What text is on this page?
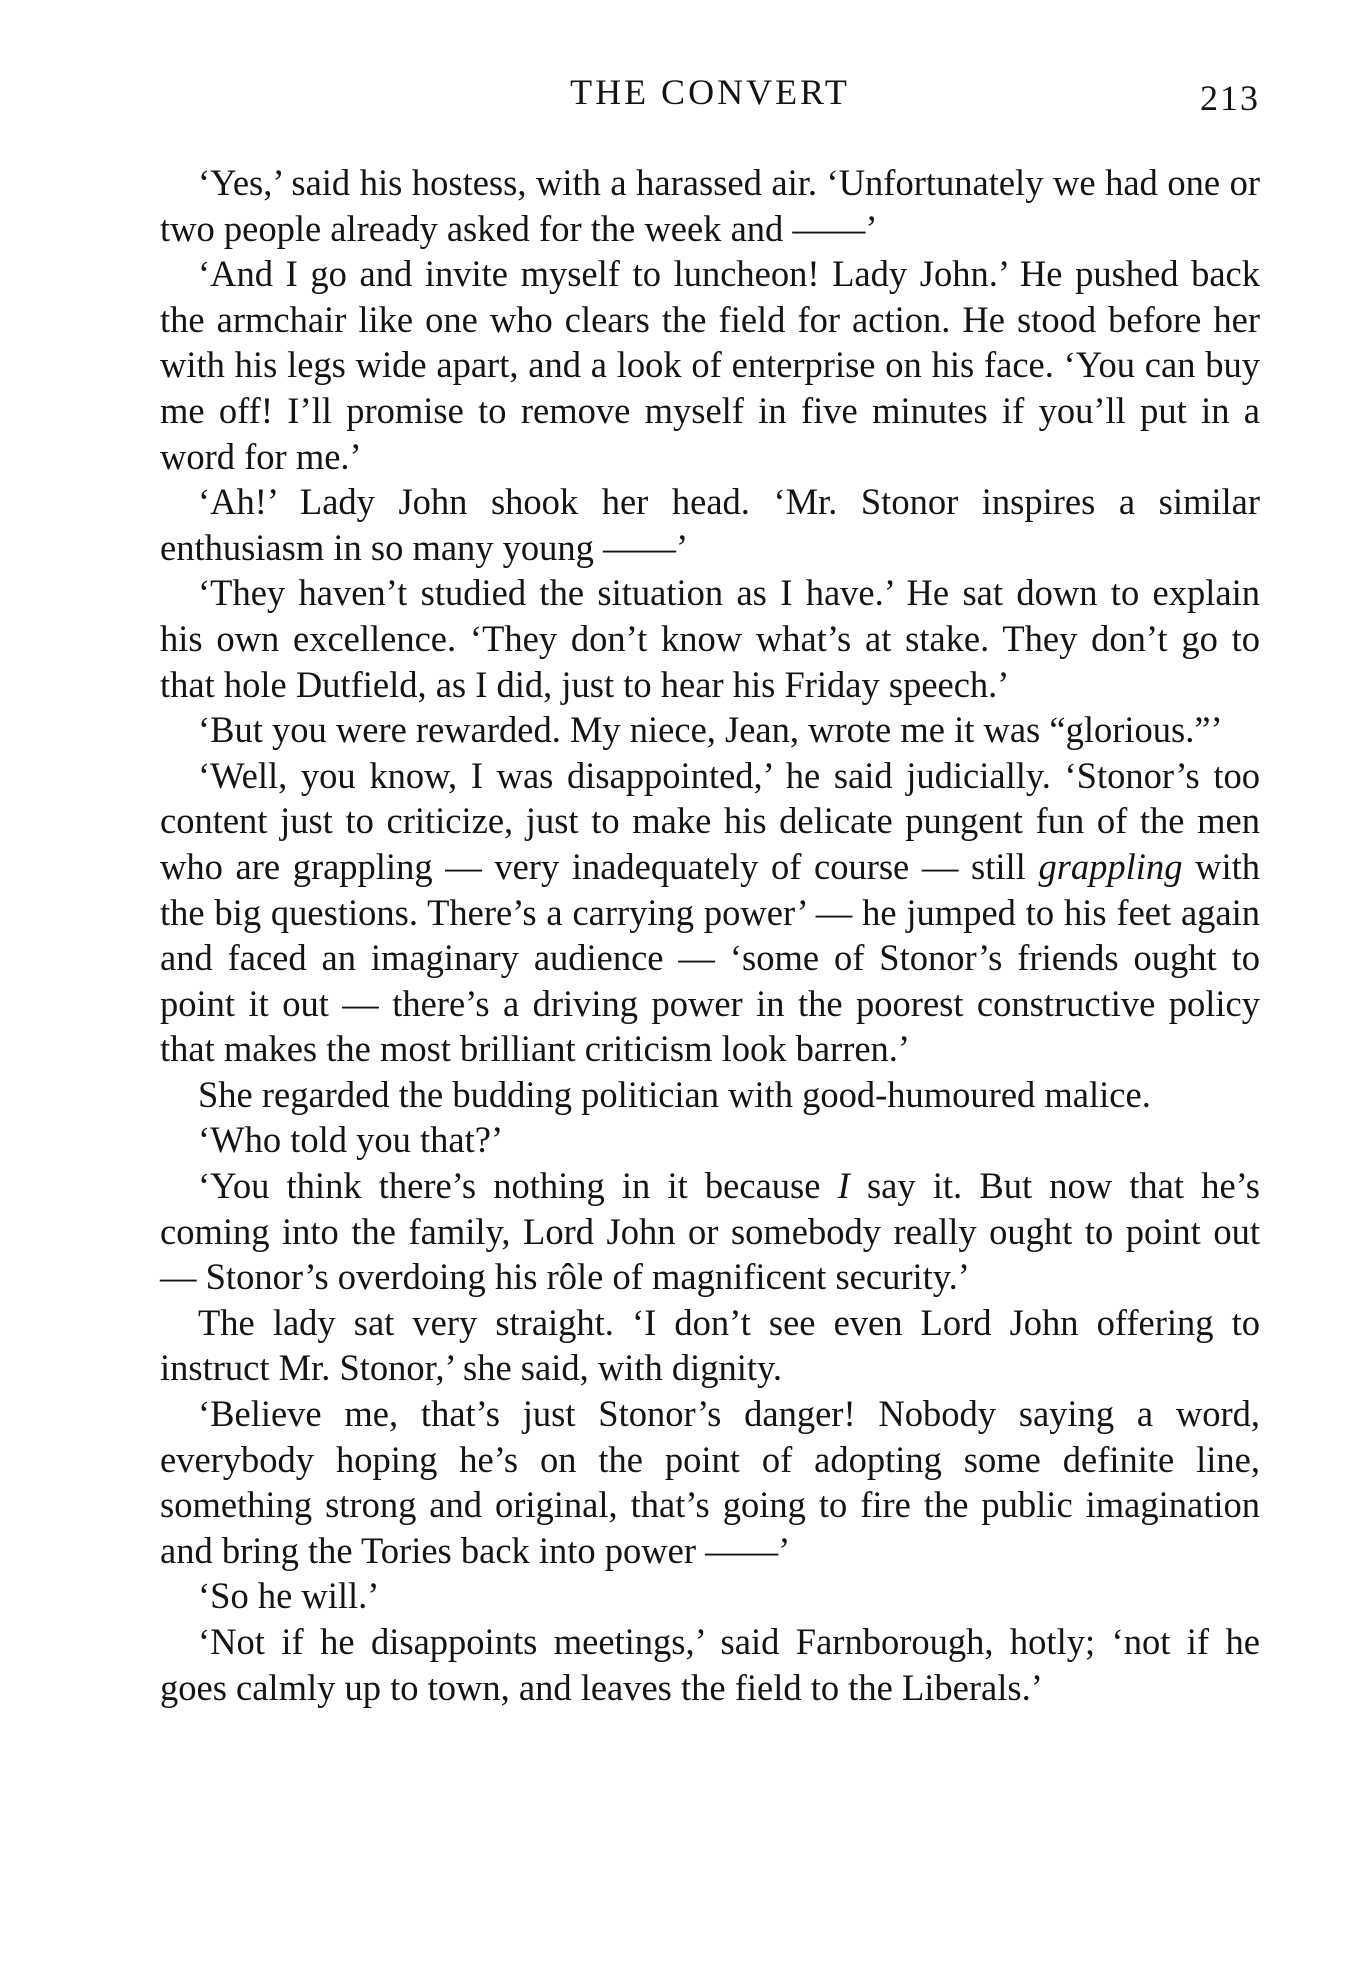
THE CONVERT	213

‘Yes,’ said his hostess, with a harassed air. ‘Unfortunately we had one or two people already asked for the week and ——’

‘And I go and invite myself to luncheon! Lady John.’ He pushed back the armchair like one who clears the field for action. He stood before her with his legs wide apart, and a look of enterprise on his face. ‘You can buy me off! I’ll promise to remove myself in five minutes if you’ll put in a word for me.’

‘Ah!’ Lady John shook her head. ‘Mr. Stonor inspires a similar enthusiasm in so many young ——’

‘They haven’t studied the situation as I have.’ He sat down to explain his own excellence. ‘They don’t know what’s at stake. They don’t go to that hole Dutfield, as I did, just to hear his Friday speech.’

‘But you were rewarded. My niece, Jean, wrote me it was “glorious.”’

‘Well, you know, I was disappointed,’ he said judicially. ‘Stonor’s too content just to criticize, just to make his delicate pungent fun of the men who are grappling — very inadequately of course — still grappling with the big questions. There’s a carrying power’ — he jumped to his feet again and faced an imaginary audience — ‘some of Stonor’s friends ought to point it out — there’s a driving power in the poorest constructive policy that makes the most brilliant criticism look barren.’

She regarded the budding politician with good-humoured malice.

‘Who told you that?’

‘You think there’s nothing in it because I say it. But now that he’s coming into the family, Lord John or somebody really ought to point out — Stonor’s overdoing his rôle of magnificent security.’

The lady sat very straight. ‘I don’t see even Lord John offering to instruct Mr. Stonor,’ she said, with dignity.

‘Believe me, that’s just Stonor’s danger! Nobody saying a word, everybody hoping he’s on the point of adopting some definite line, something strong and original, that’s going to fire the public imagination and bring the Tories back into power ——’

‘So he will.’

‘Not if he disappoints meetings,’ said Farnborough, hotly; ‘not if he goes calmly up to town, and leaves the field to the Liberals.’
